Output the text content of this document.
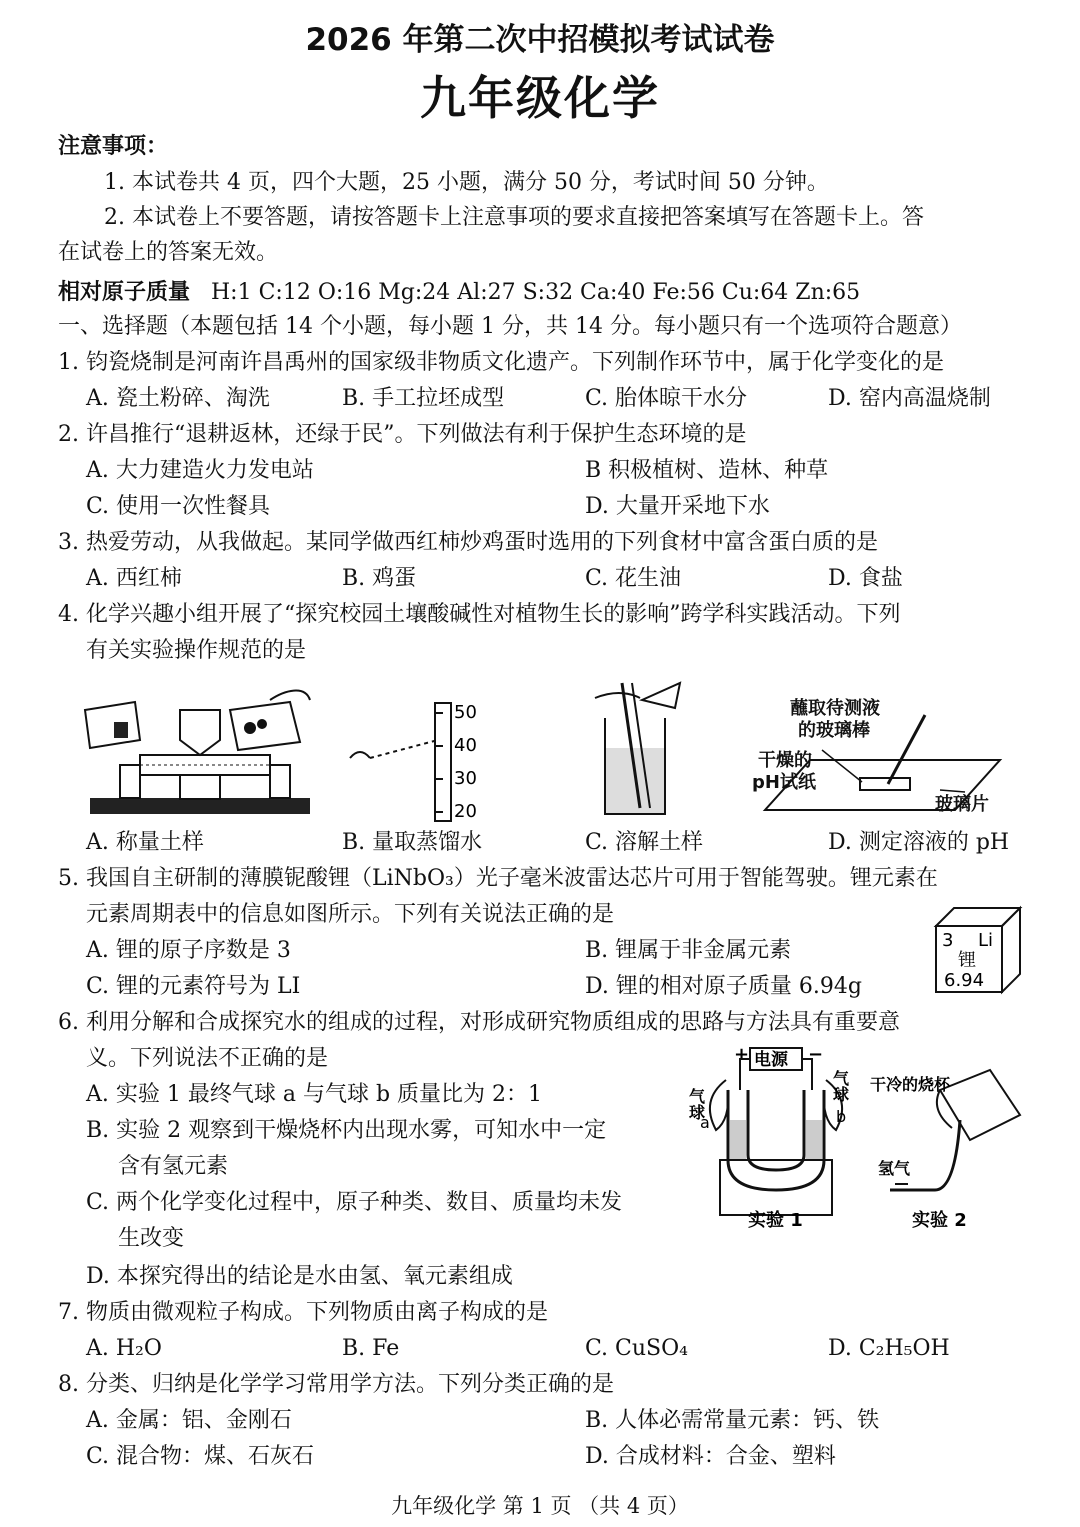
2026 年第二次中招模拟考试试卷
九年级化学
注意事项：
1. 本试卷共 4 页，四个大题，25 小题，满分 50 分，考试时间 50 分钟。
2. 本试卷上不要答题，请按答题卡上注意事项的要求直接把答案填写在答题卡上。答
在试卷上的答案无效。
相对原子质量 H:1 C:12 O:16 Mg:24 Al:27 S:32 Ca:40 Fe:56 Cu:64 Zn:65
一、选择题（本题包括 14 个小题，每小题 1 分，共 14 分。每小题只有一个选项符合题意）
1. 钧瓷烧制是河南许昌禹州的国家级非物质文化遗产。下列制作环节中，属于化学变化的是
A. 瓷土粉碎、淘洗	B. 手工拉坯成型	C. 胎体晾干水分	D. 窑内高温烧制
2. 许昌推行“退耕返林，还绿于民”。下列做法有利于保护生态环境的是
A. 大力建造火力发电站	B 积极植树、造林、种草
C. 使用一次性餐具	D. 大量开采地下水
3. 热爱劳动，从我做起。某同学做西红柿炒鸡蛋时选用的下列食材中富含蛋白质的是
A. 西红柿	B. 鸡蛋	C. 花生油	D. 食盐
4. 化学兴趣小组开展了“探究校园土壤酸碱性对植物生长的影响”跨学科实践活动。下列
有关实验操作规范的是
50
40
30
20
蘸取待测液
的玻璃棒
干燥的
pH试纸
玻璃片
A. 称量土样	B. 量取蒸馏水	C. 溶解土样	D. 测定溶液的 pH
5. 我国自主研制的薄膜铌酸锂（LiNbO₃）光子毫米波雷达芯片可用于智能驾驶。锂元素在
元素周期表中的信息如图所示。下列有关说法正确的是
A. 锂的原子序数是 3	B. 锂属于非金属元素
C. 锂的元素符号为 LI	D. 锂的相对原子质量 6.94g
3 Li
锂
6.94
6. 利用分解和合成探究水的组成的过程，对形成研究物质组成的思路与方法具有重要意
义。下列说法不正确的是
A. 实验 1 最终气球 a 与气球 b 质量比为 2：1
B. 实验 2 观察到干燥烧杯内出现水雾，可知水中一定
含有氢元素
C. 两个化学变化过程中，原子种类、数目、质量均未发
生改变
D. 本探究得出的结论是水由氢、氧元素组成
电源
+	−
气球
气球
a	b
实验 1
干冷的烧杯
氢气
实验 2
7. 物质由微观粒子构成。下列物质由离子构成的是
A. H₂O	B. Fe	C. CuSO₄	D. C₂H₅OH
8. 分类、归纳是化学学习常用学方法。下列分类正确的是
A. 金属：铝、金刚石	B. 人体必需常量元素：钙、铁
C. 混合物：煤、石灰石	D. 合成材料：合金、塑料
九年级化学 第 1 页 （共 4 页）
